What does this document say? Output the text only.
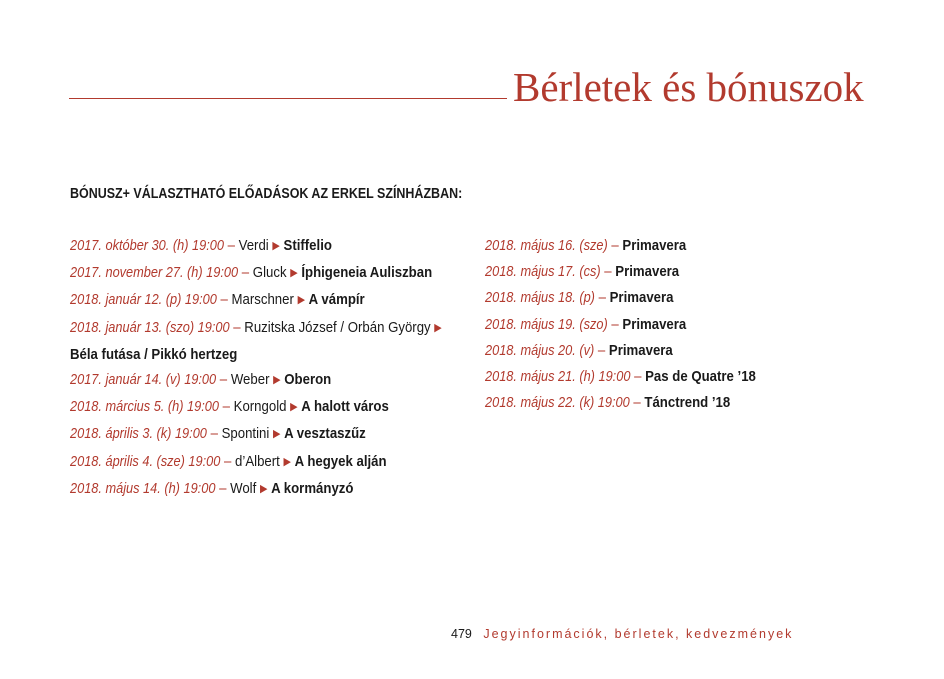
Bérletek és bónuszok
BÓNUSZ+ VÁLASZTHATÓ ELŐADÁSOK AZ ERKEL SZÍNHÁZBAN:
2017. október 30. (h) 19:00 – Verdi ▶ Stiffelio
2017. november 27. (h) 19:00 – Gluck ▶ Íphigeneia Auliszban
2018. január 12. (p) 19:00 – Marschner ▶ A vámpír
2018. január 13. (szo) 19:00 – Ruzitska József / Orbán György ▶
Béla futása / Pikkó hertzeg
2017. január 14. (v) 19:00 – Weber ▶ Oberon
2018. március 5. (h) 19:00 – Korngold ▶ A halott város
2018. április 3. (k) 19:00 – Spontini ▶ A vesztaszűz
2018. április 4. (sze) 19:00 – d’Albert ▶ A hegyek alján
2018. május 14. (h) 19:00 – Wolf ▶ A kormányzó
2018. május 16. (sze) – Primavera
2018. május 17. (cs) – Primavera
2018. május 18. (p) – Primavera
2018. május 19. (szo) – Primavera
2018. május 20. (v) – Primavera
2018. május 21. (h) 19:00 – Pas de Quatre ’18
2018. május 22. (k) 19:00 – Tánctrend ’18
479 Jegyinformációk, bérletek, kedvezmények
